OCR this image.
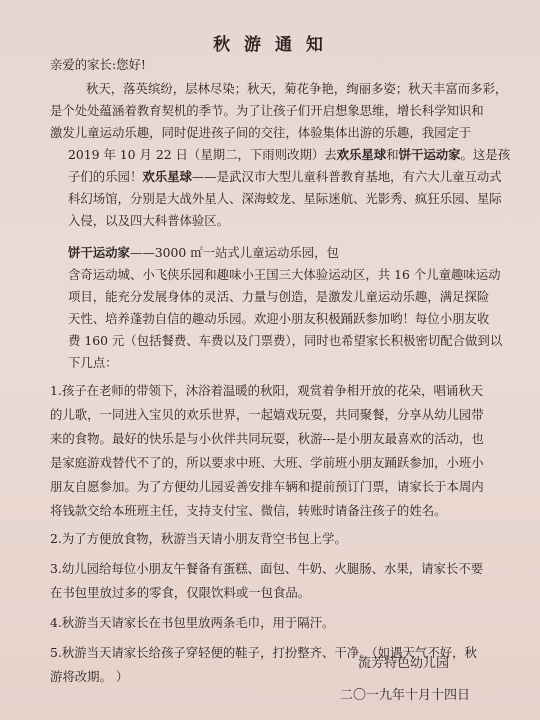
秋 游 通 知
亲爱的家长:您好!
秋天，落英缤纷，层林尽染；秋天，菊花争艳，绚丽多姿；秋天丰富而多彩，
是个处处蕴涵着教育契机的季节。为了让孩子们开启想象思维，增长科学知识和
激发儿童运动乐趣，同时促进孩子间的交往，体验集体出游的乐趣，我园定于
2019 年 10 月 22 日（星期二，下雨则改期）去欢乐星球和饼干运动家。这是孩
子们的乐园！欢乐星球——是武汉市大型儿童科普教育基地，有六大儿童互动式
科幻场馆，分别是大战外星人、深海蛟龙、星际迷航、光影秀、疯狂乐园、星际
入侵，以及四大科普体验区。
饼干运动家——3000 ㎡一站式儿童运动乐园，包
含奇运动城、小飞侠乐园和趣味小王国三大体验运动区，共 16 个儿童趣味运动
项目，能充分发展身体的灵活、力量与创造，是激发儿童运动乐趣，满足探险
天性、培养蓬勃自信的趣动乐园。欢迎小朋友积极踊跃参加哟！每位小朋友收
费 160 元（包括餐费、车费以及门票费），同时也希望家长积极密切配合做到以
下几点：
1.孩子在老师的带领下，沐浴着温暖的秋阳，观赏着争相开放的花朵，唱诵秋天
的儿歌，一同进入宝贝的欢乐世界，一起嬉戏玩耍，共同聚餐，分享从幼儿园带
来的食物。最好的快乐是与小伙伴共同玩耍，秋游---是小朋友最喜欢的活动，也
是家庭游戏替代不了的，所以要求中班、大班、学前班小朋友踊跃参加，小班小
朋友自愿参加。为了方便幼儿园妥善安排车辆和提前预订门票，请家长于本周内
将钱款交给本班班主任，支持支付宝、微信，转账时请备注孩子的姓名。
2.为了方便放食物，秋游当天请小朋友背空书包上学。
3.幼儿园给每位小朋友午餐备有蛋糕、面包、牛奶、火腿肠、水果，请家长不要
在书包里放过多的零食，仅限饮料或一包食品。
4.秋游当天请家长在书包里放两条毛巾，用于隔汗。
5.秋游当天请家长给孩子穿轻便的鞋子，打扮整齐、干净。（如遇天气不好，秋
游将改期。 ）
流芳特色幼儿园
二〇一九年十月十四日
